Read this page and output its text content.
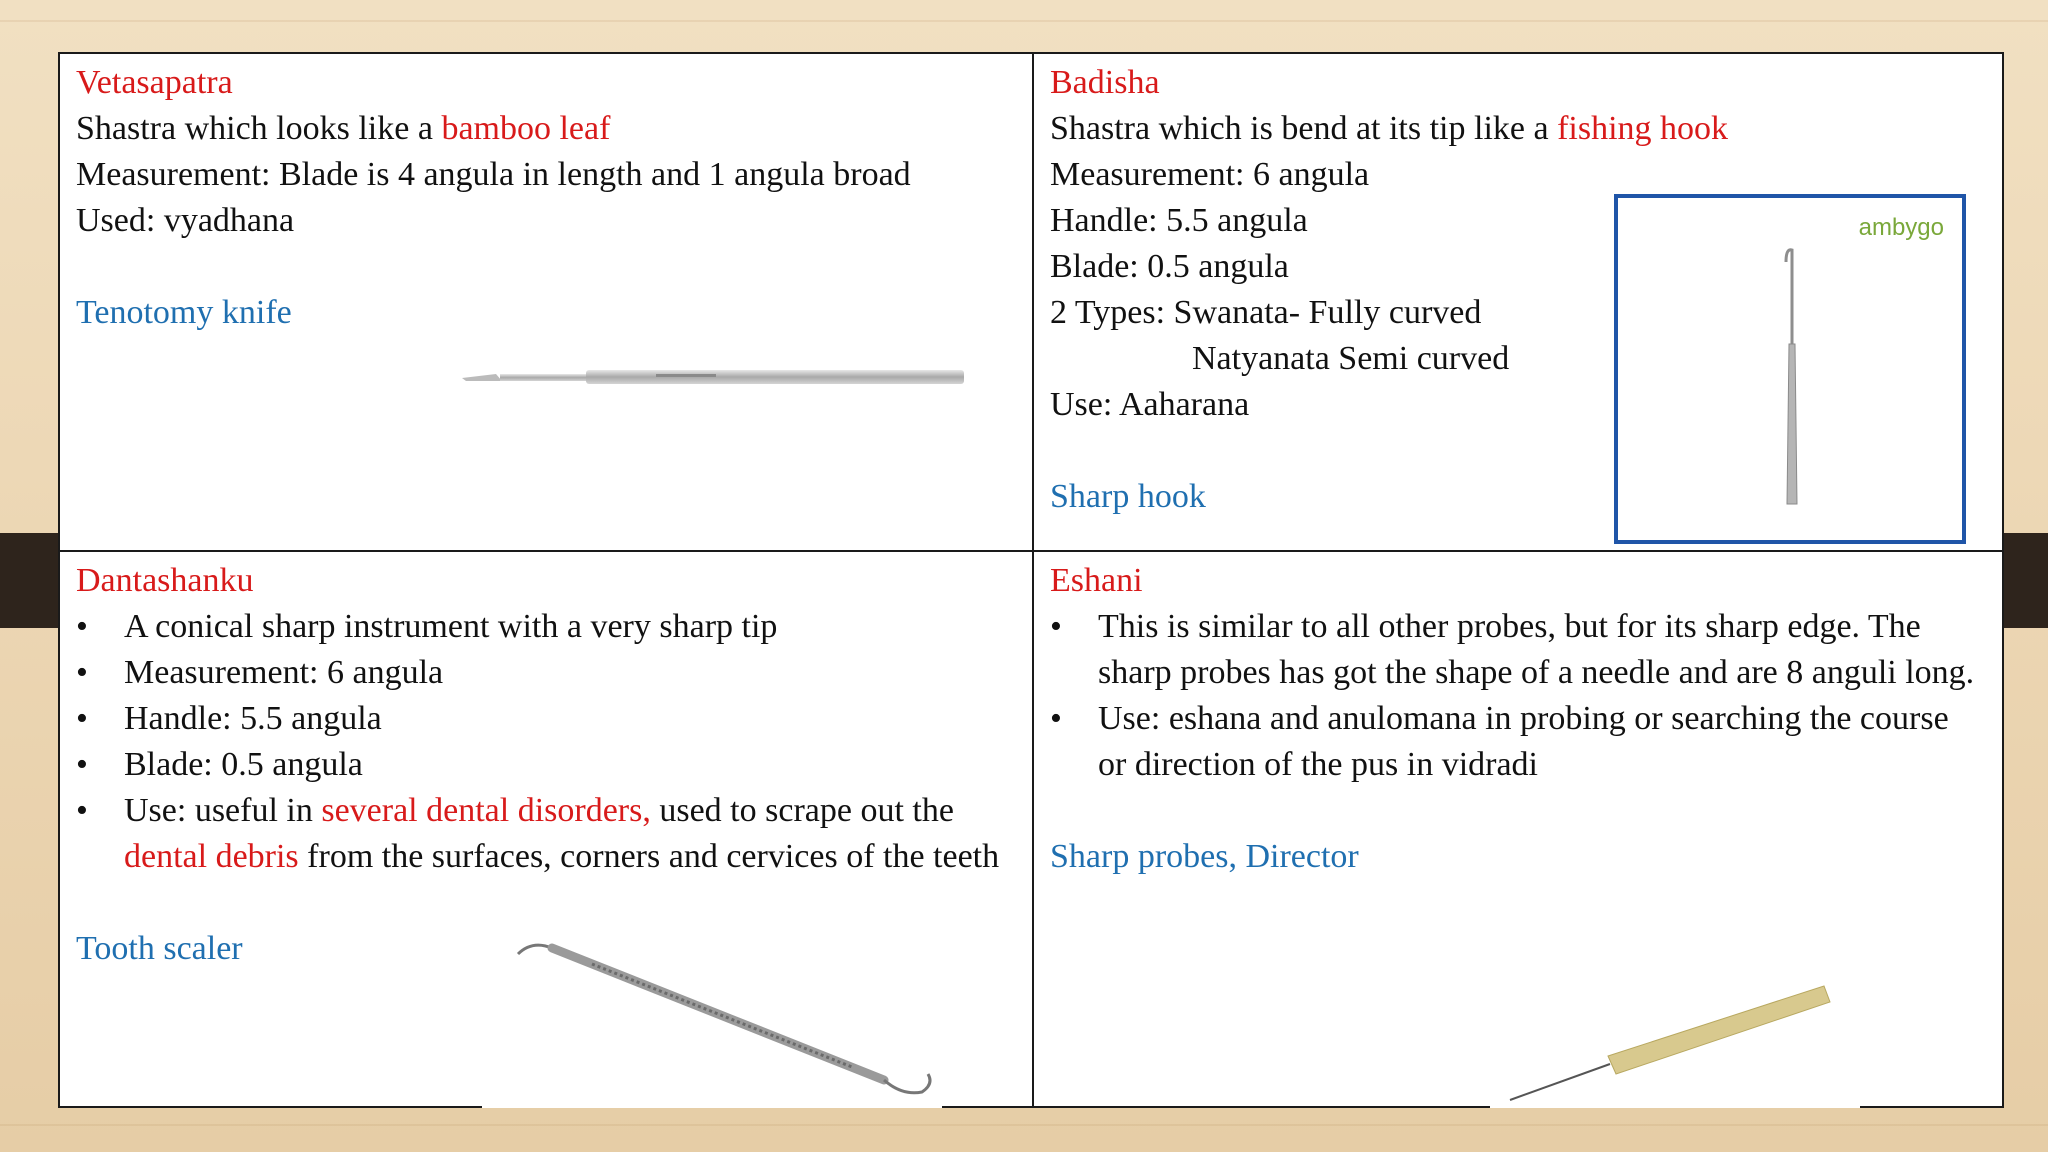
Vetasapatra

Shastra which looks like a bamboo leaf

Measurement: Blade is 4 angula in length and 1 angula broad

Used: vyadhana

Tenotomy knife

Badisha

Shastra which is bend at its tip like a fishing hook

Measurement: 6 angula

Handle: 5.5 angula

Blade: 0.5 angula

2 Types: Swanata- Fully curved

Natyanata Semi curved

Use: Aaharana

Sharp hook

ambygo

Dantashanku

• A conical sharp instrument with a very sharp tip
• Measurement: 6 angula
• Handle: 5.5 angula
• Blade: 0.5 angula
• Use: useful in several dental disorders, used to scrape out the dental debris from the surfaces, corners and cervices of the teeth

Tooth scaler

Eshani

• This is similar to all other probes, but for its sharp edge. The sharp probes has got the shape of a needle and are 8 anguli long.
• Use: eshana and anulomana in probing or searching the course or direction of the pus in vidradi

Sharp probes, Director
